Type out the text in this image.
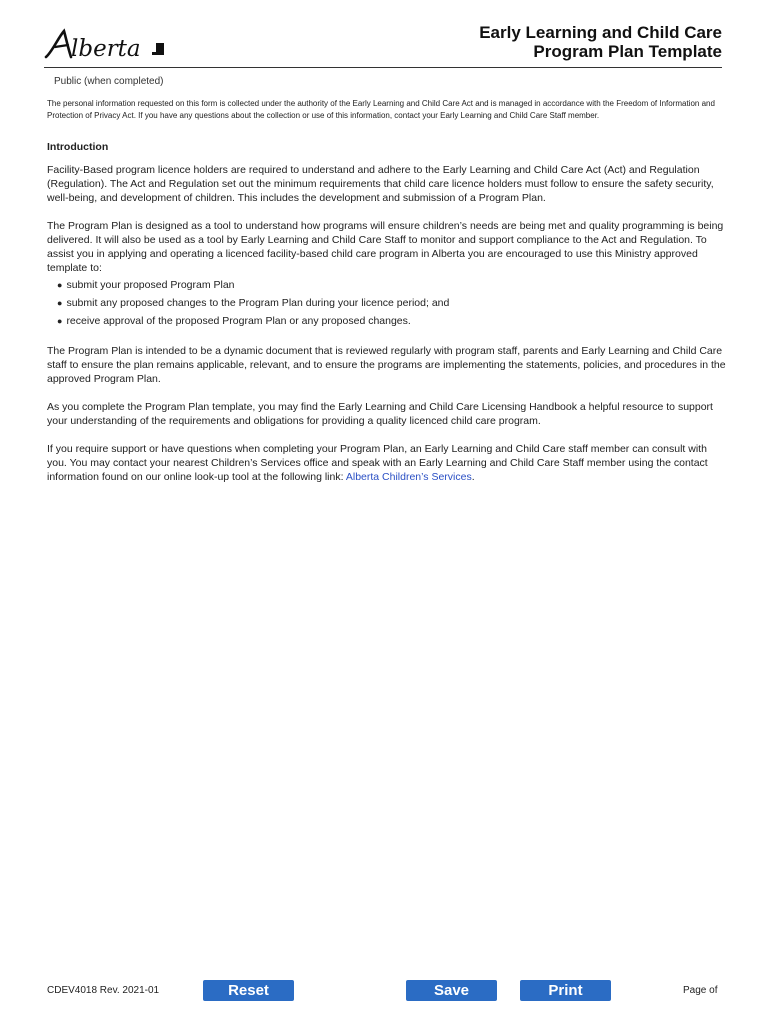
lberta
Early Learning and Child Care
Program Plan Template
Public (when completed)
The personal information requested on this form is collected under the authority of the Early Learning and Child Care Act and is managed in accordance with the Freedom of Information and Protection of Privacy Act. If you have any questions about the collection or use of this information, contact your Early Learning and Child Care Staff member.
Introduction

Facility-Based program licence holders are required to understand and adhere to the Early Learning and Child Care Act (Act) and Regulation (Regulation). The Act and Regulation set out the minimum requirements that child care licence holders must follow to ensure the safety security, well-being, and development of children. This includes the development and submission of a Program Plan.

The Program Plan is designed as a tool to understand how programs will ensure children’s needs are being met and quality programming is being delivered. It will also be used as a tool by Early Learning and Child Care Staff to monitor and support compliance to the Act and Regulation. To assist you in applying and operating a licenced facility-based child care program in Alberta you are encouraged to use this Ministry approved template to:

● submit your proposed Program Plan
● submit any proposed changes to the Program Plan during your licence period; and
● receive approval of the proposed Program Plan or any proposed changes.

The Program Plan is intended to be a dynamic document that is reviewed regularly with program staff, parents and Early Learning and Child Care staff to ensure the plan remains applicable, relevant, and to ensure the programs are implementing the statements, policies, and procedures in the approved Program Plan.

As you complete the Program Plan template, you may find the Early Learning and Child Care Licensing Handbook a helpful resource to support your understanding of the requirements and obligations for providing a quality licenced child care program.

If you require support or have questions when completing your Program Plan, an Early Learning and Child Care staff member can consult with you. You may contact your nearest Children’s Services office and speak with an Early Learning and Child Care Staff member using the contact information found on our online look-up tool at the following link: Alberta Children’s Services.

CDEV4018 Rev. 2021-01	Reset	Save	Print	Page of
